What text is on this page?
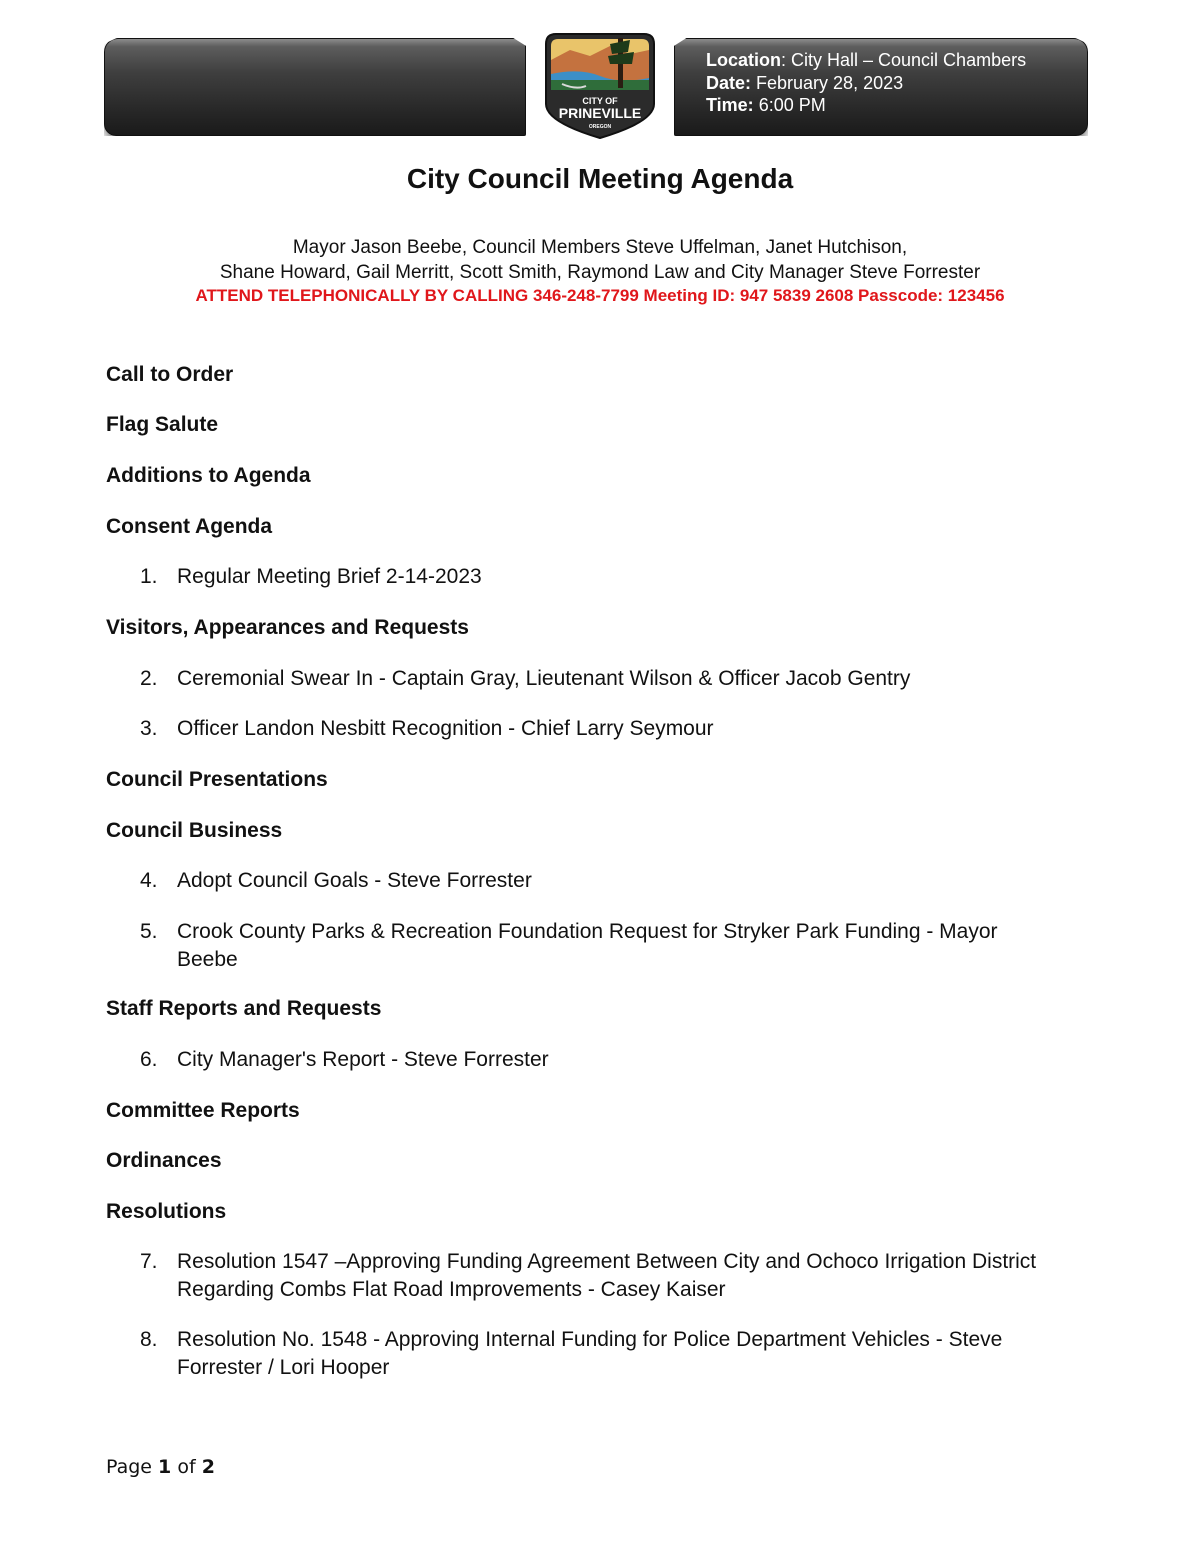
Location: City Hall – Council Chambers
Date: February 28, 2023
Time: 6:00 PM
CITY OF
PRINEVILLE
OREGON
City Council Meeting Agenda
Mayor Jason Beebe, Council Members Steve Uffelman, Janet Hutchison,
Shane Howard, Gail Merritt, Scott Smith, Raymond Law and City Manager Steve Forrester
ATTEND TELEPHONICALLY BY CALLING 346-248-7799 Meeting ID: 947 5839 2608 Passcode: 123456
Call to Order
Flag Salute
Additions to Agenda
Consent Agenda
1. Regular Meeting Brief 2-14-2023
Visitors, Appearances and Requests
2. Ceremonial Swear In - Captain Gray, Lieutenant Wilson & Officer Jacob Gentry
3. Officer Landon Nesbitt Recognition - Chief Larry Seymour
Council Presentations
Council Business
4. Adopt Council Goals - Steve Forrester
5. Crook County Parks & Recreation Foundation Request for Stryker Park Funding - Mayor Beebe
Staff Reports and Requests
6. City Manager's Report - Steve Forrester
Committee Reports
Ordinances
Resolutions
7. Resolution 1547 –Approving Funding Agreement Between City and Ochoco Irrigation District Regarding Combs Flat Road Improvements - Casey Kaiser
8. Resolution No. 1548 - Approving Internal Funding for Police Department Vehicles - Steve Forrester / Lori Hooper
Page 1 of 2
